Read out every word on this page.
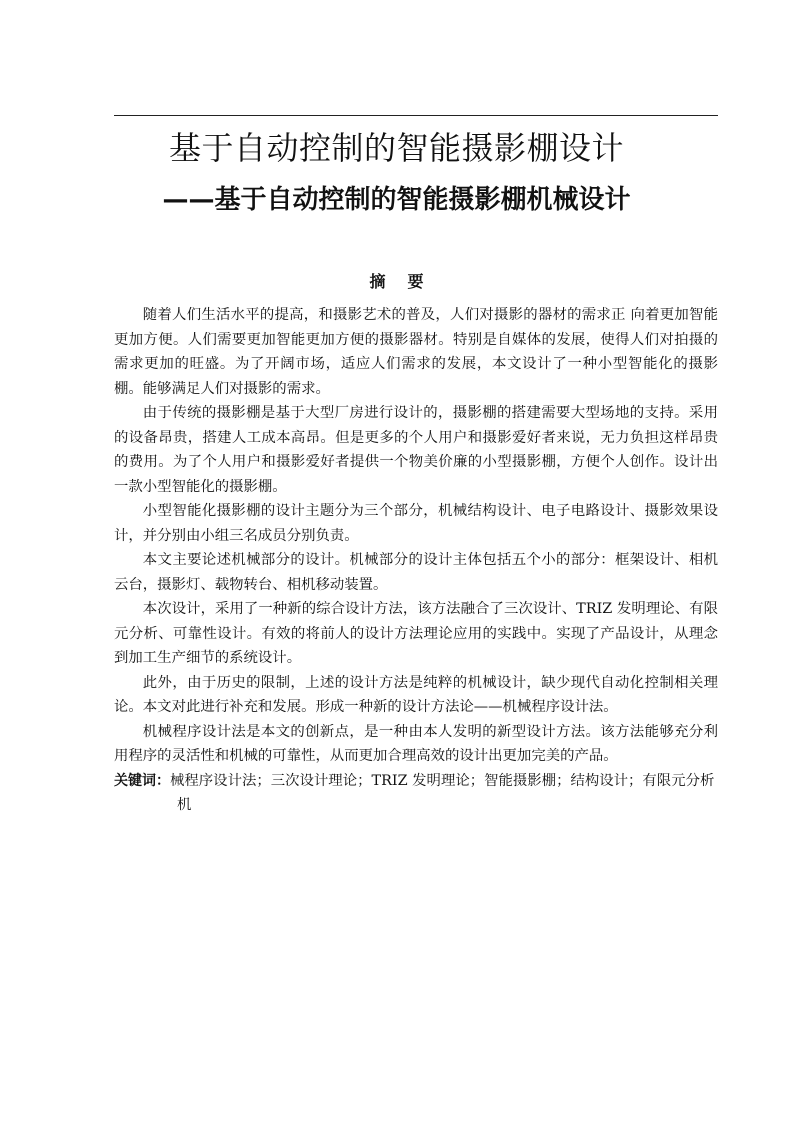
基于自动控制的智能摄影棚设计
——基于自动控制的智能摄影棚机械设计
摘要

随着人们生活水平的提高，和摄影艺术的普及，人们对摄影的器材的需求正 向着更加智能更加方便。人们需要更加智能更加方便的摄影器材。特别是自媒体的发展，使得人们对拍摄的需求更加的旺盛。为了开阔市场，适应人们需求的发展，本文设计了一种小型智能化的摄影棚。能够满足人们对摄影的需求。

由于传统的摄影棚是基于大型厂房进行设计的，摄影棚的搭建需要大型场地的支持。采用的设备昂贵，搭建人工成本高昂。但是更多的个人用户和摄影爱好者来说，无力负担这样昂贵的费用。为了个人用户和摄影爱好者提供一个物美价廉的小型摄影棚，方便个人创作。设计出一款小型智能化的摄影棚。

小型智能化摄影棚的设计主题分为三个部分，机械结构设计、电子电路设计、摄影效果设计，并分别由小组三名成员分别负责。

本文主要论述机械部分的设计。机械部分的设计主体包括五个小的部分：框架设计、相机云台，摄影灯、载物转台、相机移动装置。

本次设计，采用了一种新的综合设计方法，该方法融合了三次设计、TRIZ 发明理论、有限元分析、可靠性设计。有效的将前人的设计方法理论应用的实践中。实现了产品设计，从理念到加工生产细节的系统设计。

此外，由于历史的限制，上述的设计方法是纯粹的机械设计，缺少现代自动化控制相关理论。本文对此进行补充和发展。形成一种新的设计方法论——机械程序设计法。

机械程序设计法是本文的创新点，是一种由本人发明的新型设计方法。该方法能够充分利用程序的灵活性和机械的可靠性，从而更加合理高效的设计出更加完美的产品。

关键词：械程序设计法；三次设计理论；TRIZ 发明理论；智能摄影棚；结构设计；有限元分析机
